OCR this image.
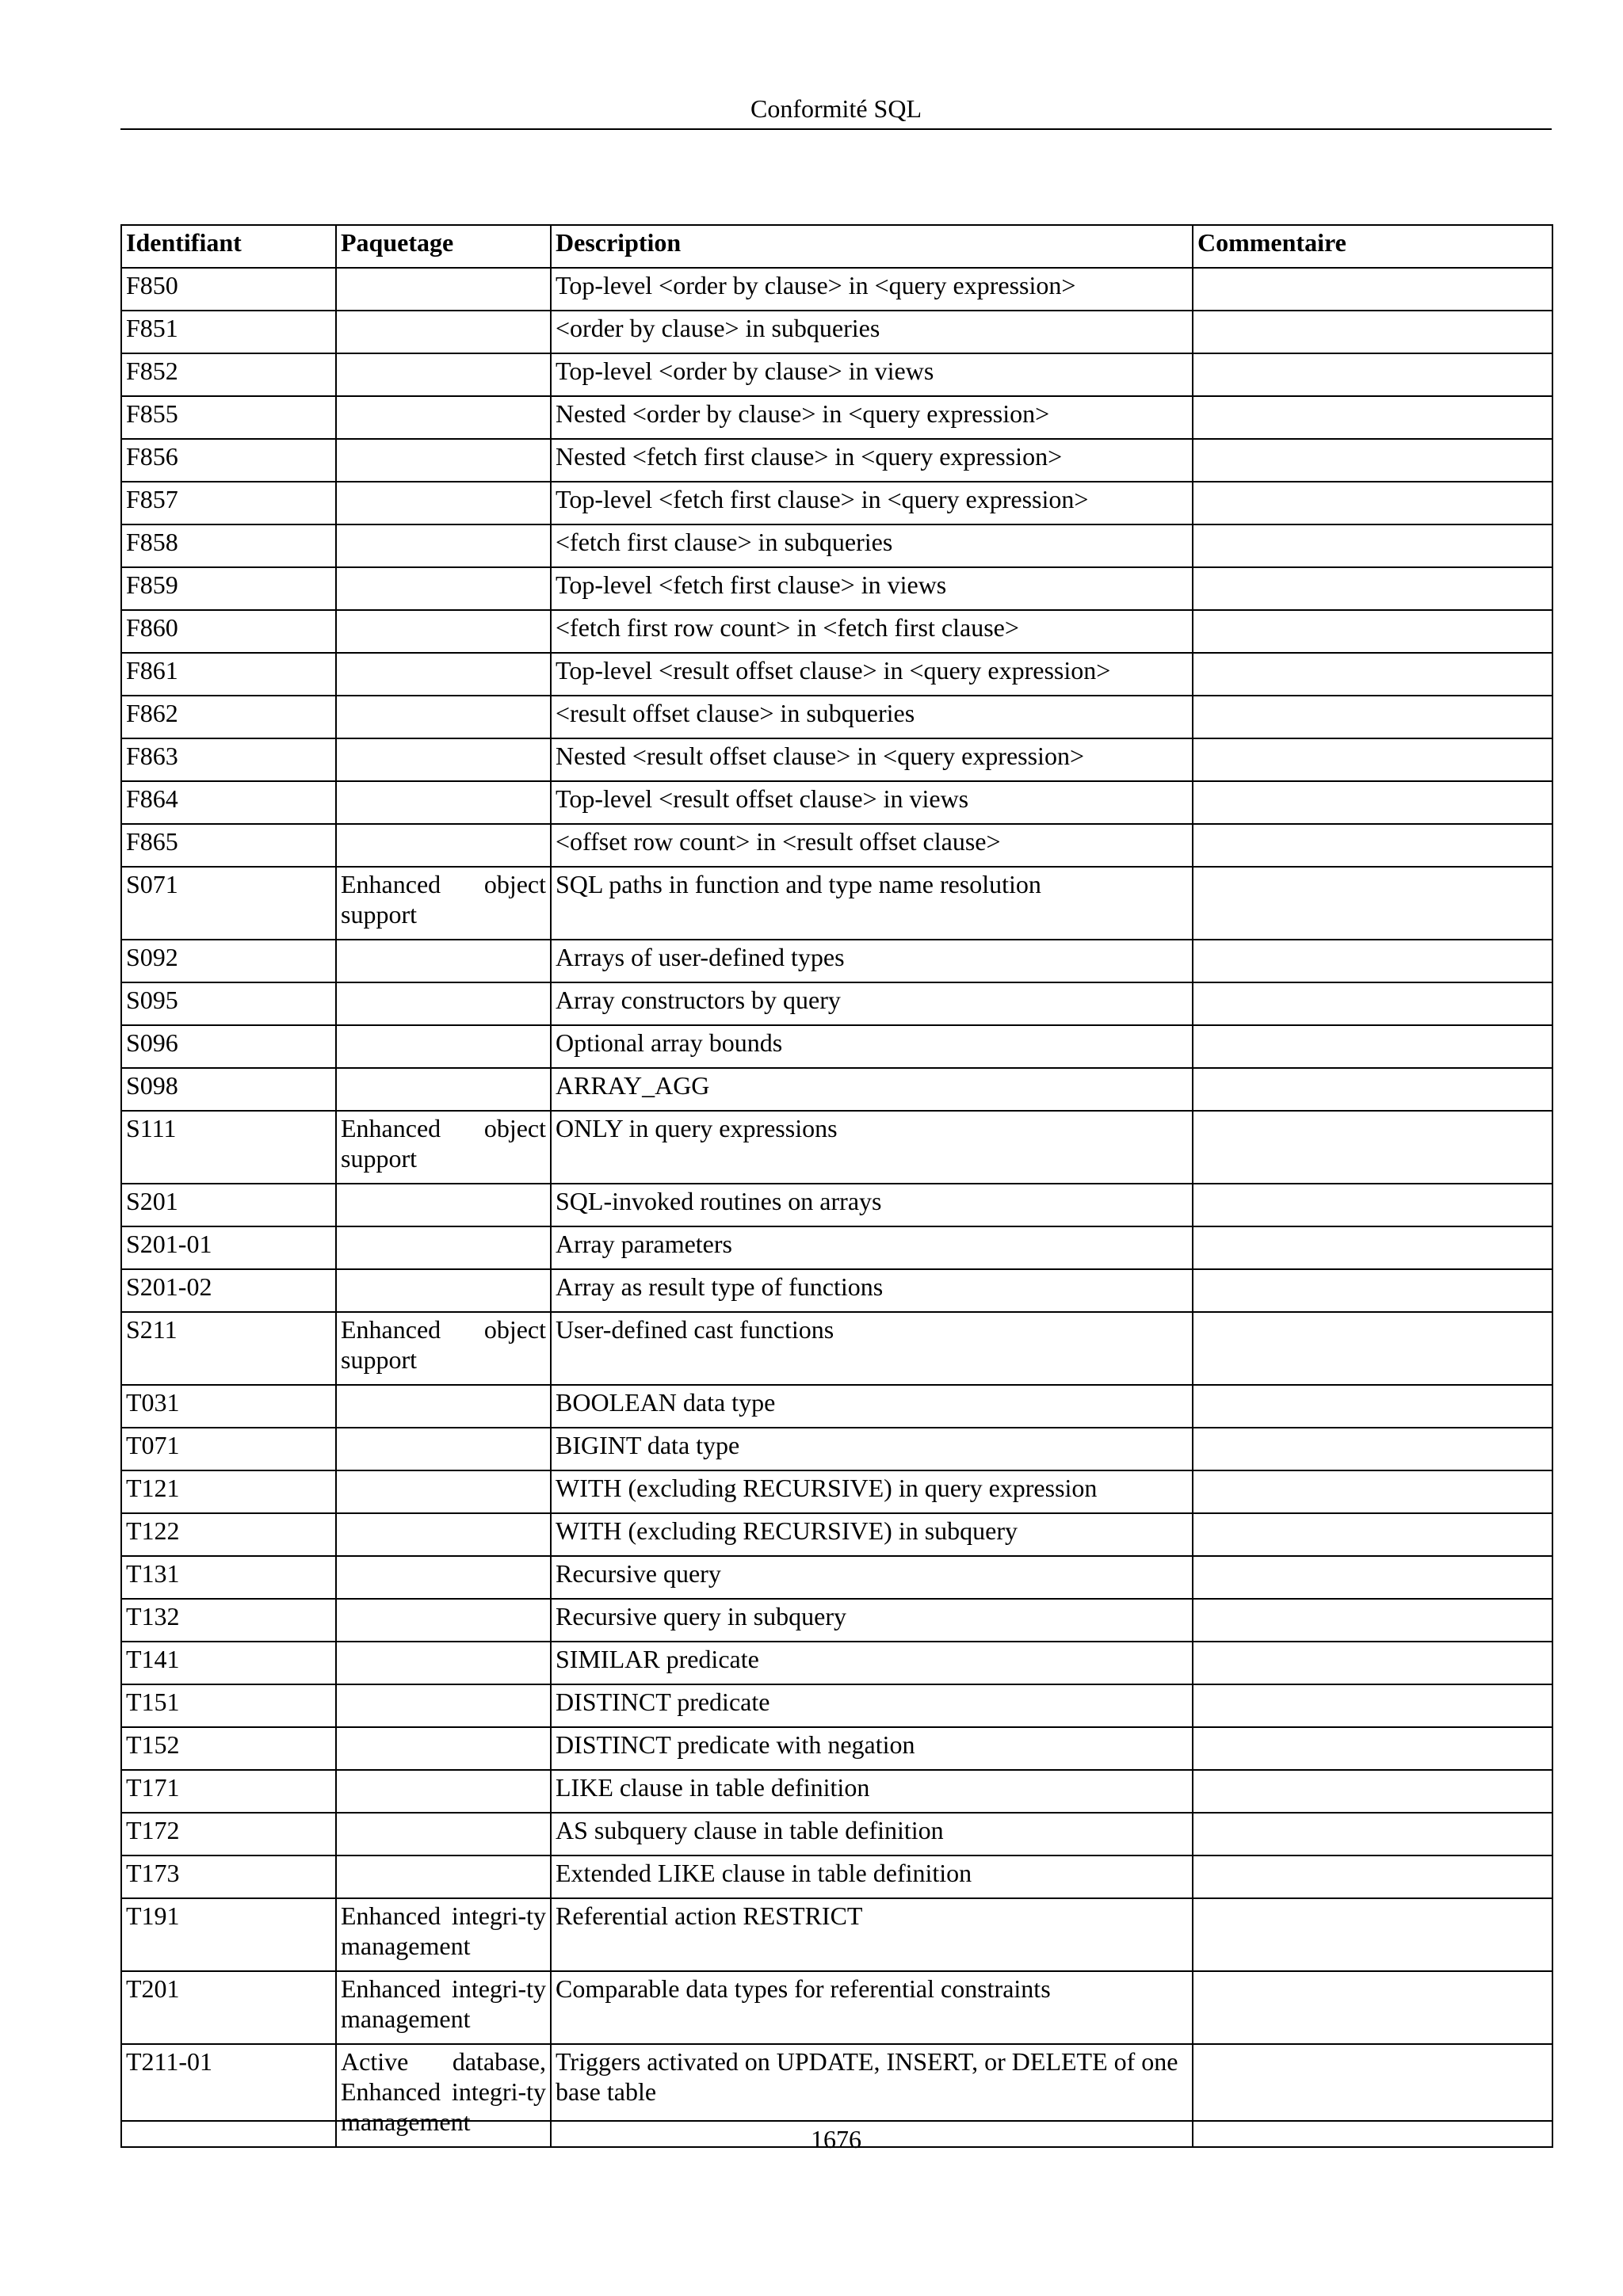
Conformité SQL
Identifiant	Paquetage	Description	Commentaire
F850		Top-level <order by clause> in <query expression>	
F851		<order by clause> in subqueries	
F852		Top-level <order by clause> in views	
F855		Nested <order by clause> in <query expression>	
F856		Nested <fetch first clause> in <query expression>	
F857		Top-level <fetch first clause> in <query expression>	
F858		<fetch first clause> in subqueries	
F859		Top-level <fetch first clause> in views	
F860		<fetch first row count> in <fetch first clause>	
F861		Top-level <result offset clause> in <query expression>	
F862		<result offset clause> in subqueries	
F863		Nested <result offset clause> in <query expression>	
F864		Top-level <result offset clause> in views	
F865		<offset row count> in <result offset clause>	
S071	Enhanced object support	SQL paths in function and type name resolution	
S092		Arrays of user-defined types	
S095		Array constructors by query	
S096		Optional array bounds	
S098		ARRAY_AGG	
S111	Enhanced object support	ONLY in query expressions	
S201		SQL-invoked routines on arrays	
S201-01		Array parameters	
S201-02		Array as result type of functions	
S211	Enhanced object support	User-defined cast functions	
T031		BOOLEAN data type	
T071		BIGINT data type	
T121		WITH (excluding RECURSIVE) in query expression	
T122		WITH (excluding RECURSIVE) in subquery	
T131		Recursive query	
T132		Recursive query in subquery	
T141		SIMILAR predicate	
T151		DISTINCT predicate	
T152		DISTINCT predicate with negation	
T171		LIKE clause in table definition	
T172		AS subquery clause in table definition	
T173		Extended LIKE clause in table definition	
T191	Enhanced integri-ty management	Referential action RESTRICT	
T201	Enhanced integri-ty management	Comparable data types for referential constraints	
T211-01	Active database, Enhanced integri-ty management	Triggers activated on UPDATE, INSERT, or DELETE of one base table	
1676
